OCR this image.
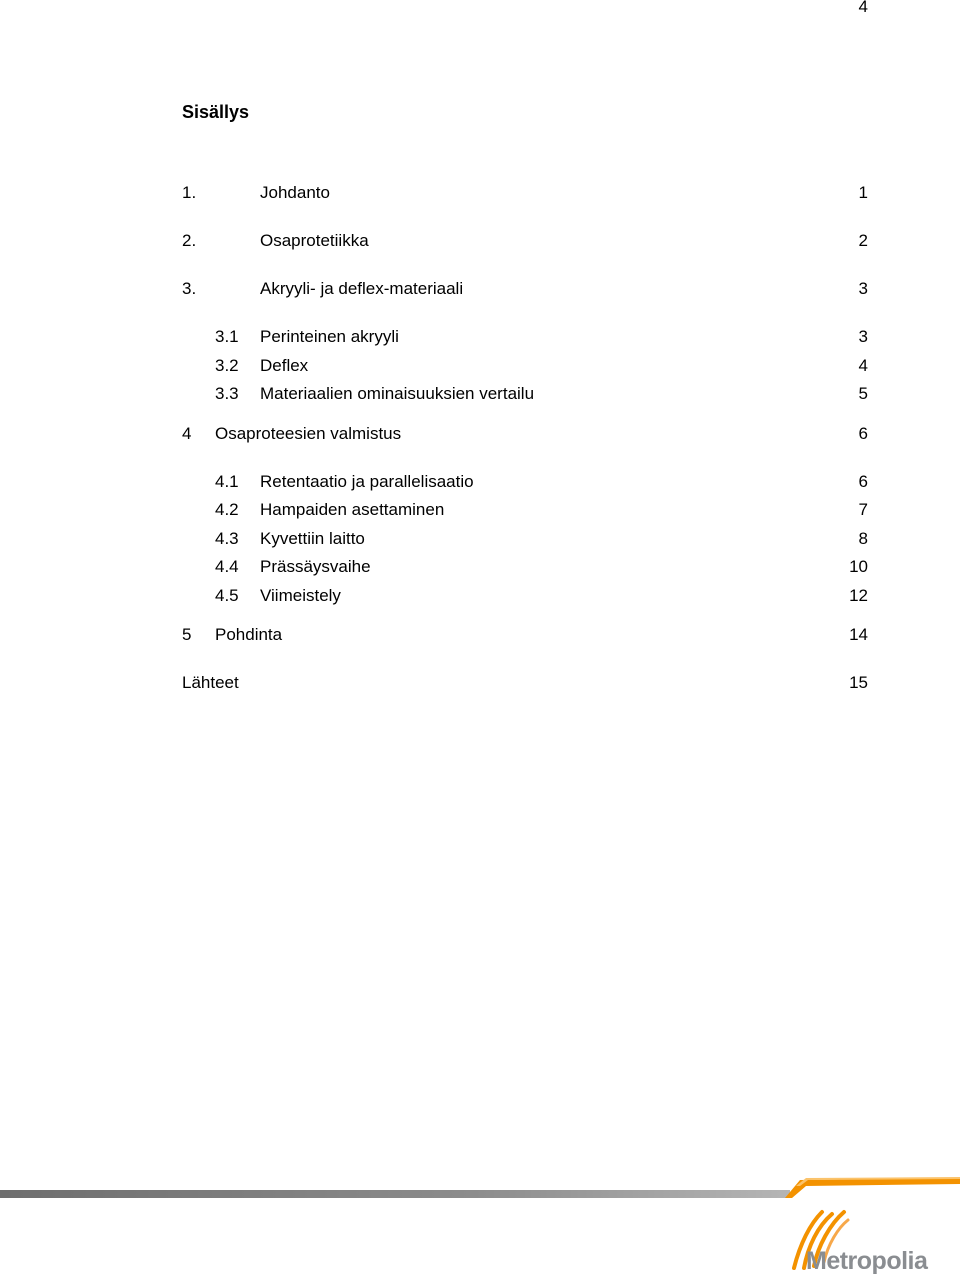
4
Sisällys
1.	Johdanto	1
2.	Osaprotetiikka	2
3.	Akryyli- ja deflex-materiaali	3
3.1 Perinteinen akryyli	3
3.2 Deflex	4
3.3 Materiaalien ominaisuuksien vertailu	5
4 Osaproteesien valmistus	6
4.1 Retentaatio ja parallelisaatio	6
4.2 Hampaiden asettaminen	7
4.3 Kyvettiin laitto	8
4.4 Prässäysvaihe	10
4.5 Viimeistely	12
5 Pohdinta	14
Lähteet	15
Metropolia
